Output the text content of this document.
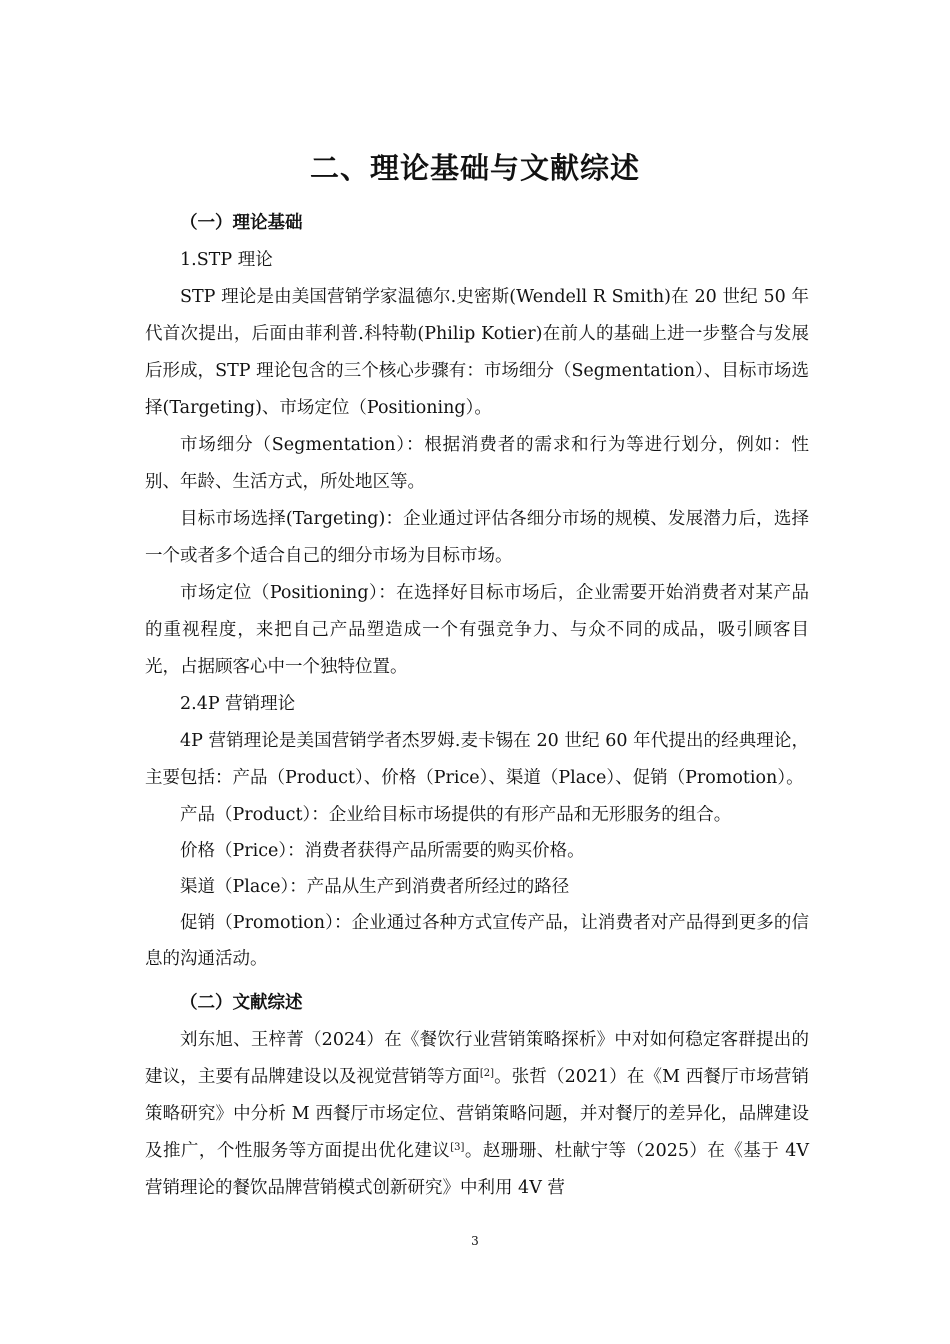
二、理论基础与文献综述
（一）理论基础
1.STP 理论

STP 理论是由美国营销学家温德尔.史密斯(Wendell R Smith)在 20 世纪 50 年代首次提出，后面由菲利普.科特勒(Philip Kotier)在前人的基础上进一步整合与发展后形成，STP 理论包含的三个核心步骤有：市场细分（Segmentation）、目标市场选择(Targeting)、市场定位（Positioning）。

市场细分（Segmentation）：根据消费者的需求和行为等进行划分，例如：性别、年龄、生活方式，所处地区等。

目标市场选择(Targeting)：企业通过评估各细分市场的规模、发展潜力后，选择一个或者多个适合自己的细分市场为目标市场。

市场定位（Positioning）：在选择好目标市场后，企业需要开始消费者对某产品的重视程度，来把自己产品塑造成一个有强竞争力、与众不同的成品，吸引顾客目光，占据顾客心中一个独特位置。

2.4P 营销理论

4P 营销理论是美国营销学者杰罗姆.麦卡锡在 20 世纪 60 年代提出的经典理论，主要包括：产品（Product）、价格（Price）、渠道（Place）、促销（Promotion）。

产品（Product）：企业给目标市场提供的有形产品和无形服务的组合。

价格（Price）：消费者获得产品所需要的购买价格。

渠道（Place）：产品从生产到消费者所经过的路径

促销（Promotion）：企业通过各种方式宣传产品，让消费者对产品得到更多的信息的沟通活动。

（二）文献综述

刘东旭、王梓菁（2024）在《餐饮行业营销策略探析》中对如何稳定客群提出的建议，主要有品牌建设以及视觉营销等方面[2]。张哲（2021）在《M 西餐厅市场营销策略研究》中分析 M 西餐厅市场定位、营销策略问题，并对餐厅的差异化，品牌建设及推广，个性服务等方面提出优化建议[3]。赵珊珊、杜献宁等（2025）在《基于 4V 营销理论的餐饮品牌营销模式创新研究》中利用 4V 营

3
